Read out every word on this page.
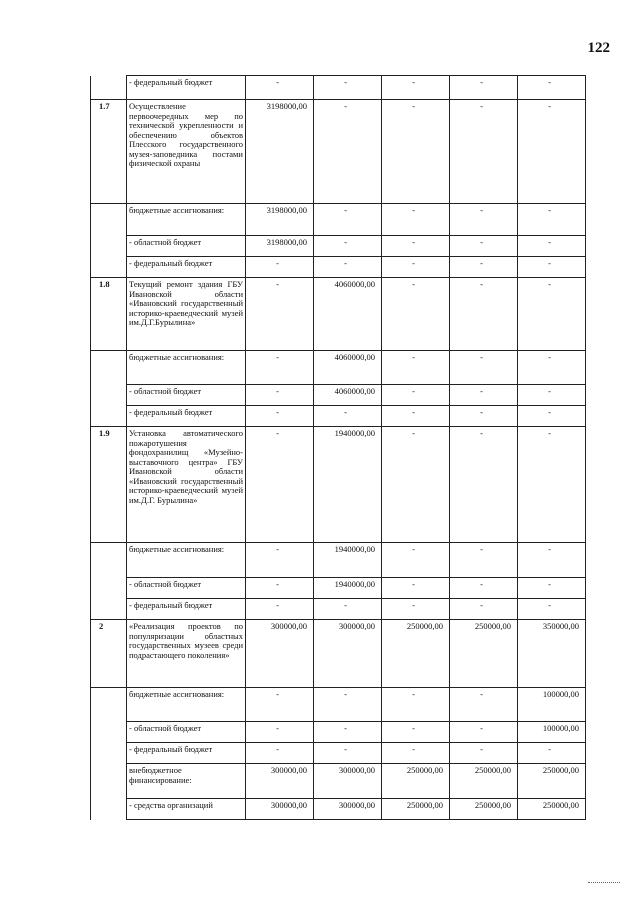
122
	- федеральный бюджет	-	-	-	-	-
1.7	Осуществление первоочередных мер по технической укрепленности и обеспечению объектов Плесского государственного музея-заповедника постами физической охраны	3198000,00	-	-	-	-
	бюджетные ассигнования:	3198000,00	-	-	-	-
	- областной бюджет	3198000,00	-	-	-	-
	- федеральный бюджет	-	-	-	-	-
1.8	Текущий ремонт здания ГБУ Ивановской области «Ивановский государственный историко-краеведческий музей им.Д.Г.Бурылина»	-	4060000,00	-	-	-
	бюджетные ассигнования:	-	4060000,00	-	-	-
	- областной бюджет	-	4060000,00	-	-	-
	- федеральный бюджет	-	-	-	-	-
1.9	Установка автоматического пожаротушения фондохранилищ «Музейно-выставочного центра» ГБУ Ивановской области «Ивановский государственный историко-краеведческий музей им.Д.Г. Бурылина»	-	1940000,00	-	-	-
	бюджетные ассигнования:	-	1940000,00	-	-	-
	- областной бюджет	-	1940000,00	-	-	-
	- федеральный бюджет	-	-	-	-	-
2	«Реализация проектов по популяризации областных государственных музеев среди подрастающего поколения»	300000,00	300000,00	250000,00	250000,00	350000,00
	бюджетные ассигнования:	-	-	-	-	100000,00
	- областной бюджет	-	-	-	-	100000,00
	- федеральный бюджет	-	-	-	-	-
	внебюджетное финансирование:	300000,00	300000,00	250000,00	250000,00	250000,00
	- средства организаций	300000,00	300000,00	250000,00	250000,00	250000,00
